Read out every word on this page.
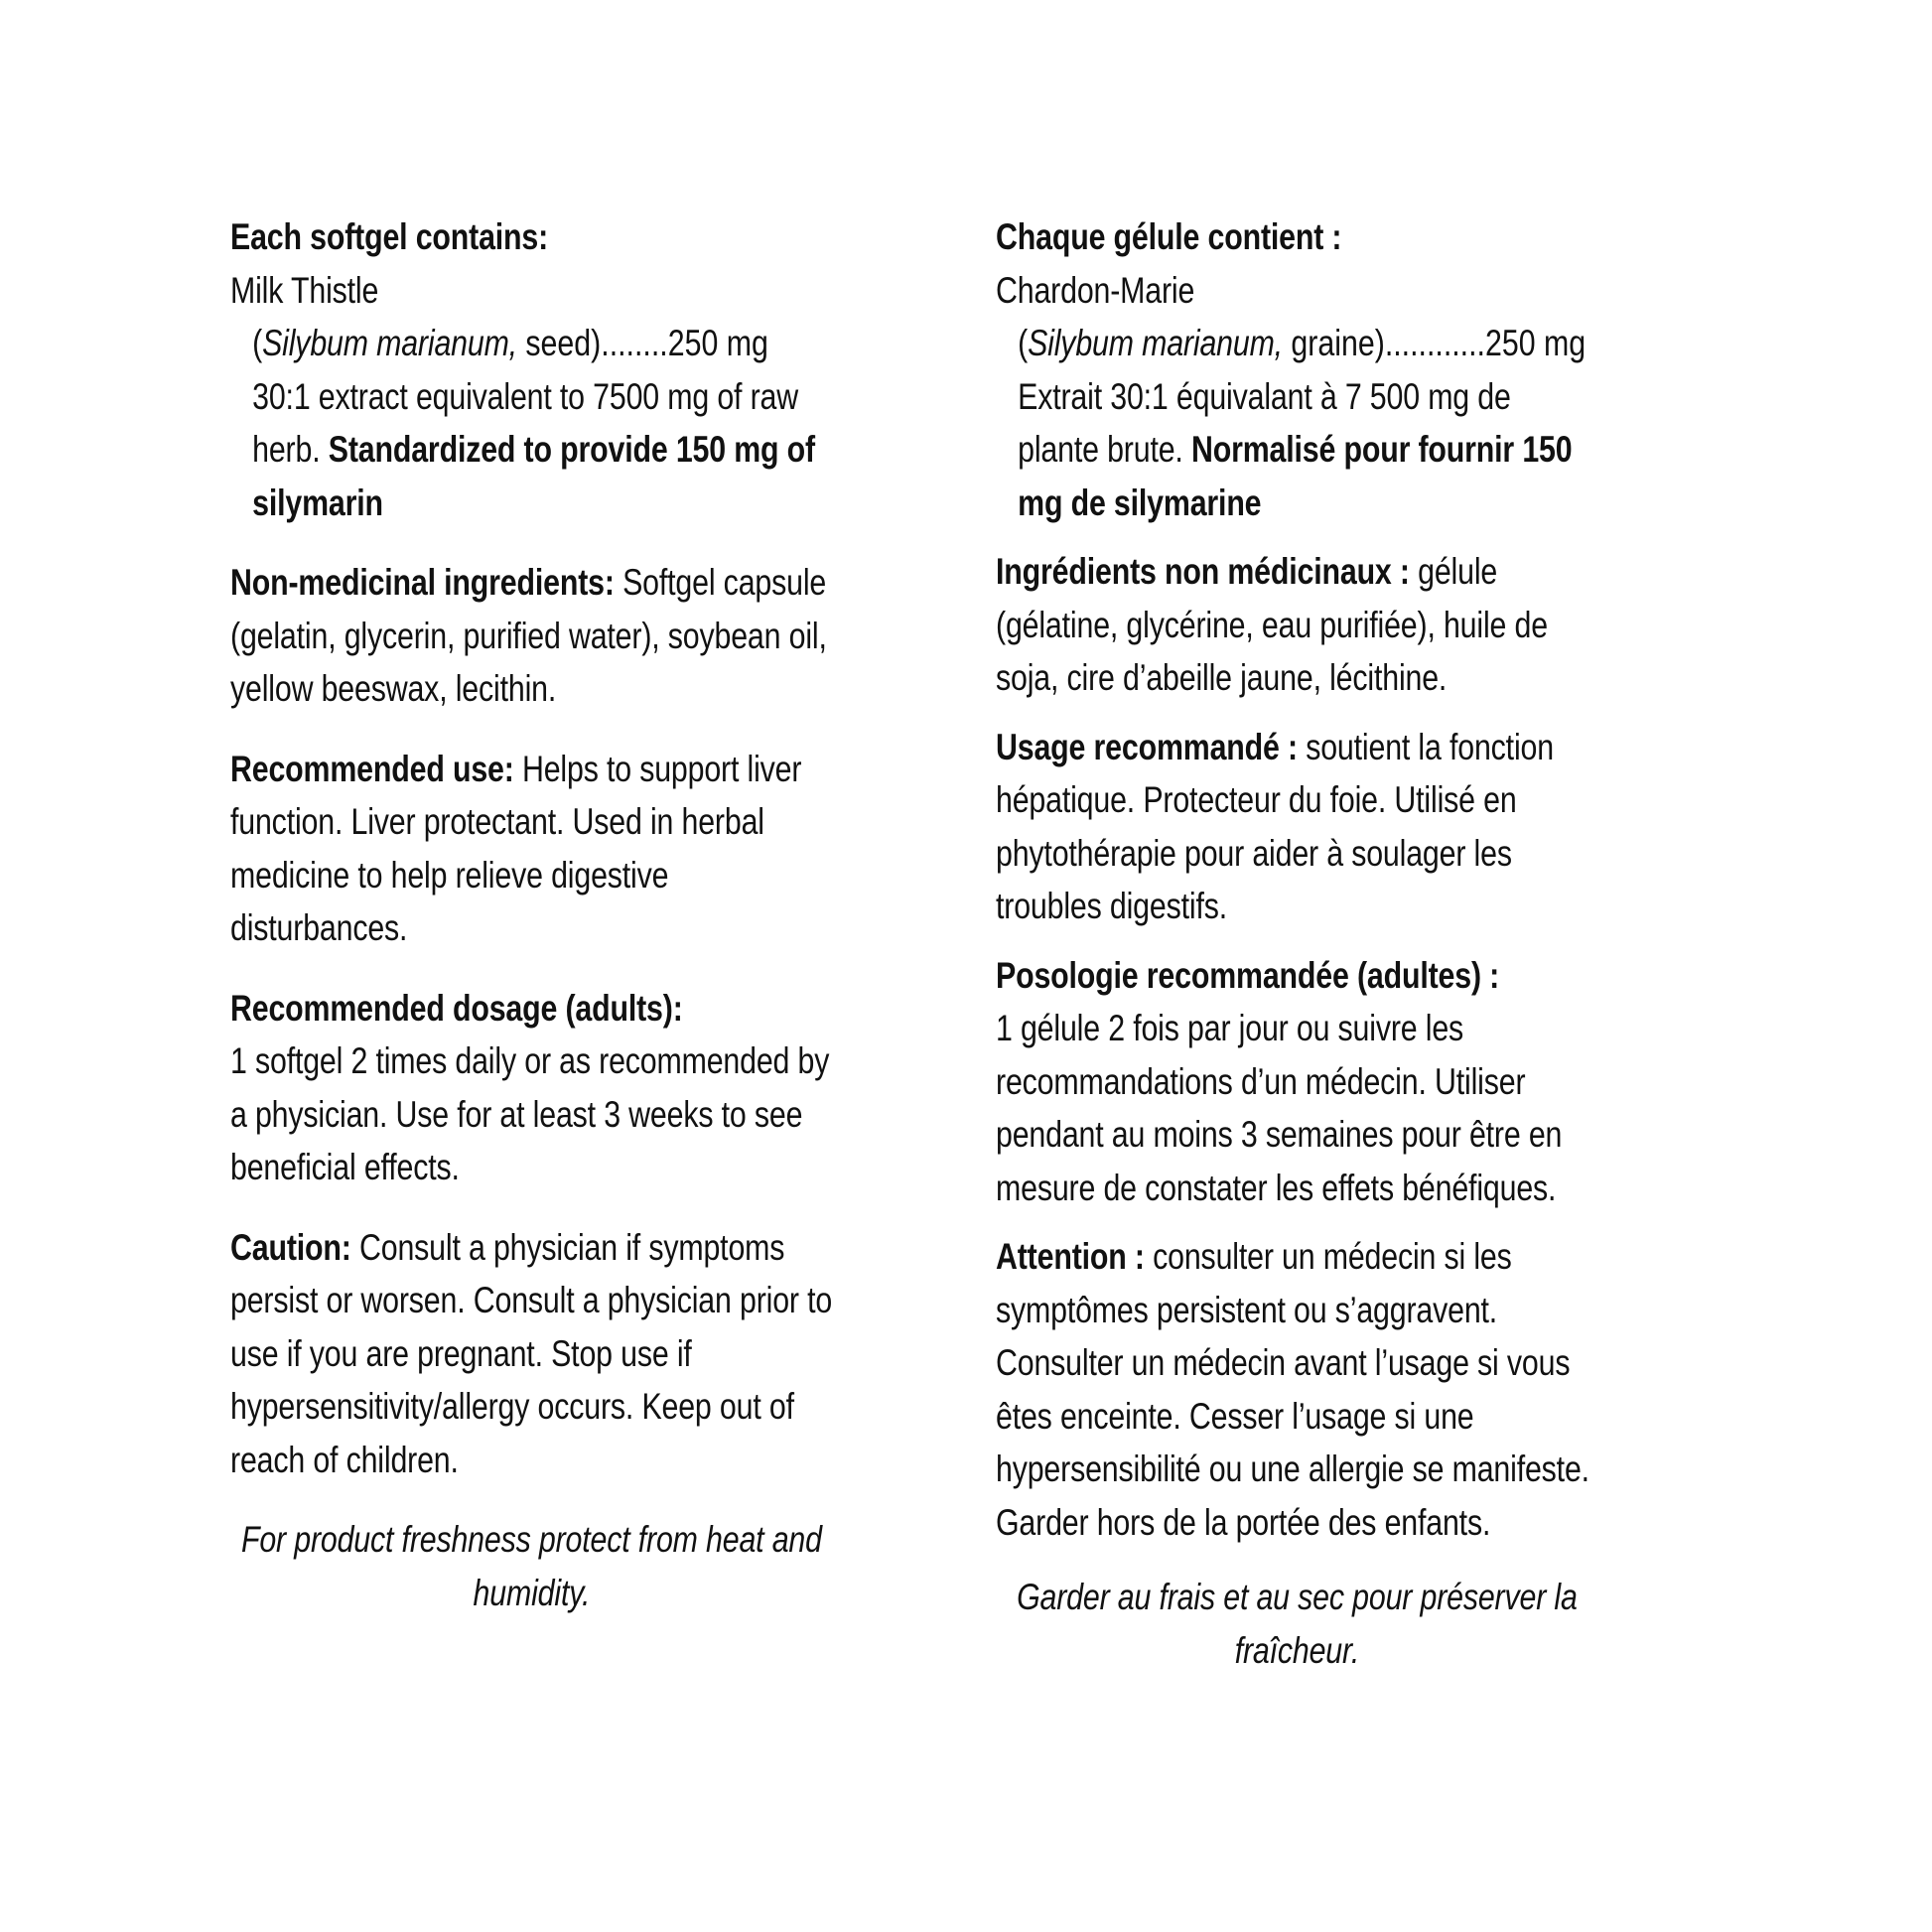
Each softgel contains:

Milk Thistle

(Silybum marianum, seed)........250 mg

30:1 extract equivalent to 7500 mg of raw herb. Standardized to provide 150 mg of silymarin

Non-medicinal ingredients: Softgel capsule (gelatin, glycerin, purified water), soybean oil, yellow beeswax, lecithin.

Recommended use: Helps to support liver function. Liver protectant. Used in herbal medicine to help relieve digestive disturbances.

Recommended dosage (adults):

1 softgel 2 times daily or as recommended by a physician. Use for at least 3 weeks to see beneficial effects.

Caution: Consult a physician if symptoms persist or worsen. Consult a physician prior to use if you are pregnant. Stop use if hypersensitivity/allergy occurs. Keep out of reach of children.

For product freshness protect from heat and humidity.

Chaque gélule contient :

Chardon-Marie

(Silybum marianum, graine)............250 mg

Extrait 30:1 équivalant à 7 500 mg de plante brute. Normalisé pour fournir 150 mg de silymarine

Ingrédients non médicinaux : gélule (gélatine, glycérine, eau purifiée), huile de soja, cire d’abeille jaune, lécithine.

Usage recommandé : soutient la fonction hépatique. Protecteur du foie. Utilisé en phytothérapie pour aider à soulager les troubles digestifs.

Posologie recommandée (adultes) :

1 gélule 2 fois par jour ou suivre les recommandations d’un médecin. Utiliser pendant au moins 3 semaines pour être en mesure de constater les effets bénéfiques.

Attention : consulter un médecin si les symptômes persistent ou s’aggravent. Consulter un médecin avant l’usage si vous êtes enceinte. Cesser l’usage si une hypersensibilité ou une allergie se manifeste. Garder hors de la portée des enfants.

Garder au frais et au sec pour préserver la fraîcheur.
